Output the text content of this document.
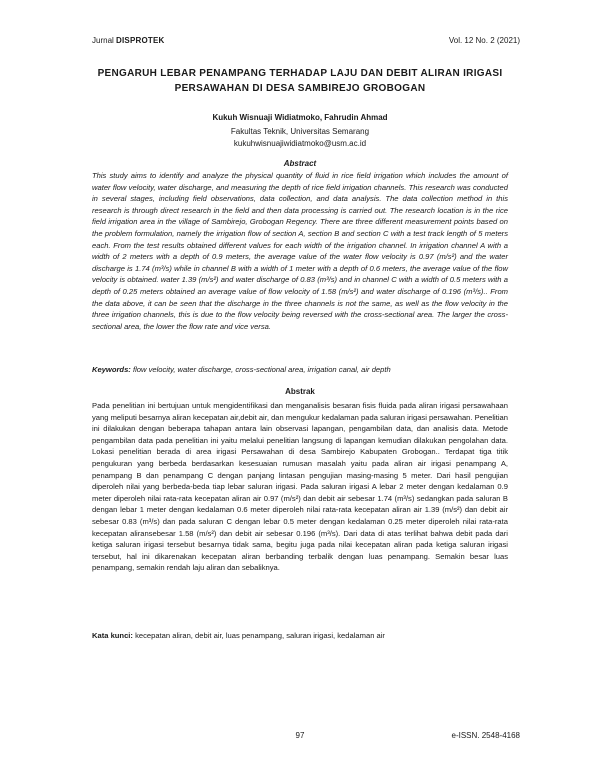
Jurnal DISPROTEK	Vol. 12 No. 2 (2021)
PENGARUH LEBAR PENAMPANG TERHADAP LAJU DAN DEBIT ALIRAN IRIGASI PERSAWAHAN DI DESA SAMBIREJO GROBOGAN
Kukuh Wisnuaji Widiatmoko, Fahrudin Ahmad
Fakultas Teknik, Universitas Semarang
kukuhwisnuajiwidiatmoko@usm.ac.id
Abstract
This study aims to identify and analyze the physical quantity of fluid in rice field irrigation which includes the amount of water flow velocity, water discharge, and measuring the depth of rice field irrigation channels. This research was conducted in several stages, including field observations, data collection, and data analysis. The data collection method in this research is through direct research in the field and then data processing is carried out. The research location is in the rice field irrigation area in the village of Sambirejo, Grobogan Regency. There are three different measurement points based on the problem formulation, namely the irrigation flow of section A, section B and section C with a test track length of 5 meters each. From the test results obtained different values for each width of the irrigation channel. In irrigation channel A with a width of 2 meters with a depth of 0.9 meters, the average value of the water flow velocity is 0.97 (m/s²) and the water discharge is 1.74 (m³/s) while in channel B with a width of 1 meter with a depth of 0.6 meters, the average value of the flow velocity is obtained. water 1.39 (m/s²) and water discharge of 0.83 (m³/s) and in channel C with a width of 0.5 meters with a depth of 0.25 meters obtained an average value of flow velocity of 1.58 (m/s²) and water discharge of 0.196 (m³/s).. From the data above, it can be seen that the discharge in the three channels is not the same, as well as the flow velocity in the three irrigation channels, this is due to the flow velocity being reversed with the cross-sectional area. The larger the cross-sectional area, the lower the flow rate and vice versa.
Keywords: flow velocity, water discharge, cross-sectional area, irrigation canal, air depth
Abstrak
Pada penelitian ini bertujuan untuk mengidentifikasi dan menganalisis besaran fisis fluida pada aliran irigasi persawahaan yang meliputi besarnya aliran kecepatan air,debit air, dan mengukur kedalaman pada saluran irigasi persawahan. Penelitian ini dilakukan dengan beberapa tahapan antara lain observasi lapangan, pengambilan data, dan analisis data. Metode pengambilan data pada penelitian ini yaitu melalui penelitian langsung di lapangan kemudian dilakukan pengolahan data. Lokasi penelitian berada di area irigasi Persawahan di desa Sambirejo Kabupaten Grobogan.. Terdapat tiga titik pengukuran yang berbeda berdasarkan kesesuaian rumusan masalah yaitu pada aliran air irigasi penampang A, penampang B dan penampang C dengan panjang lintasan pengujian masing-masing 5 meter. Dari hasil pengujian diperoleh nilai yang berbeda-beda tiap lebar saluran irigasi. Pada saluran irigasi A lebar 2 meter dengan kedalaman 0.9 meter diperoleh nilai rata-rata kecepatan aliran air 0.97 (m/s²) dan debit air sebesar 1.74 (m³/s) sedangkan pada saluran B dengan lebar 1 meter dengan kedalaman 0.6 meter diperoleh nilai rata-rata kecepatan aliran air 1.39 (m/s²) dan debit air sebesar 0.83 (m³/s) dan pada saluran C dengan lebar 0.5 meter dengan kedalaman 0.25 meter diperoleh nilai rata-rata kecepatan aliransebesar 1.58 (m/s²) dan debit air sebesar 0.196 (m³/s). Dari data di atas terlihat bahwa debit pada dari ketiga saluran irigasi tersebut besarnya tidak sama, begitu juga pada nilai kecepatan aliran pada ketiga saluran irigasi tersebut, hal ini dikarenakan kecepatan aliran berbanding terbalik dengan luas penampang. Semakin besar luas penampang, semakin rendah laju aliran dan sebaliknya.
Kata kunci: kecepatan aliran, debit air, luas penampang, saluran irigasi, kedalaman air
97	e-ISSN. 2548-4168
